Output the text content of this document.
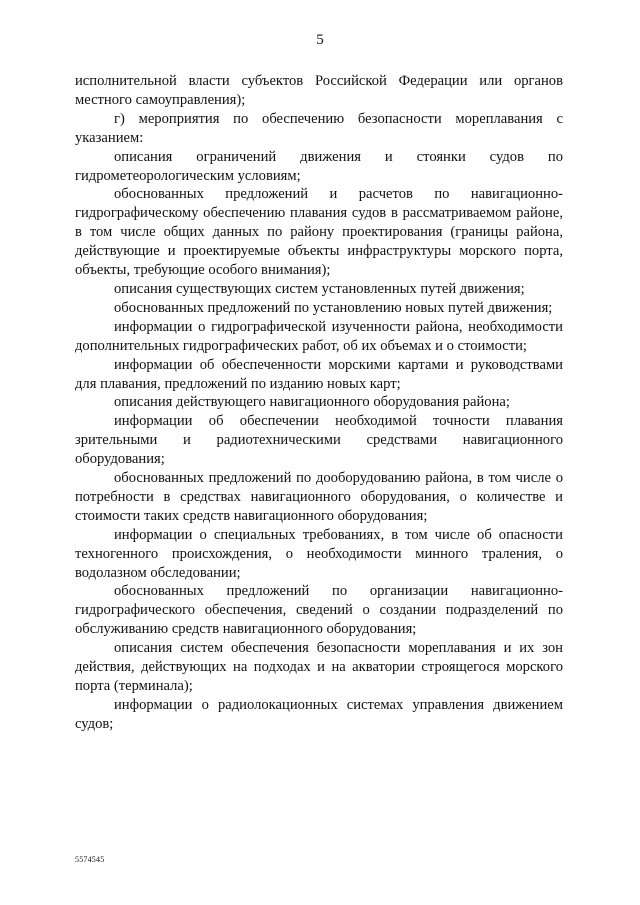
5

исполнительной власти субъектов Российской Федерации или органов местного самоуправления);

г) мероприятия по обеспечению безопасности мореплавания с указанием:

описания ограничений движения и стоянки судов по гидрометеорологическим условиям;

обоснованных предложений и расчетов по навигационно-гидрографическому обеспечению плавания судов в рассматриваемом районе, в том числе общих данных по району проектирования (границы района, действующие и проектируемые объекты инфраструктуры морского порта, объекты, требующие особого внимания);

описания существующих систем установленных путей движения;

обоснованных предложений по установлению новых путей движения;

информации о гидрографической изученности района, необходимости дополнительных гидрографических работ, об их объемах и о стоимости;

информации об обеспеченности морскими картами и руководствами для плавания, предложений по изданию новых карт;

описания действующего навигационного оборудования района;

информации об обеспечении необходимой точности плавания зрительными и радиотехническими средствами навигационного оборудования;

обоснованных предложений по дооборудованию района, в том числе о потребности в средствах навигационного оборудования, о количестве и стоимости таких средств навигационного оборудования;

информации о специальных требованиях, в том числе об опасности техногенного происхождения, о необходимости минного траления, о водолазном обследовании;

обоснованных предложений по организации навигационно-гидрографического обеспечения, сведений о создании подразделений по обслуживанию средств навигационного оборудования;

описания систем обеспечения безопасности мореплавания и их зон действия, действующих на подходах и на акватории строящегося морского порта (терминала);

информации о радиолокационных системах управления движением судов;

5574545
